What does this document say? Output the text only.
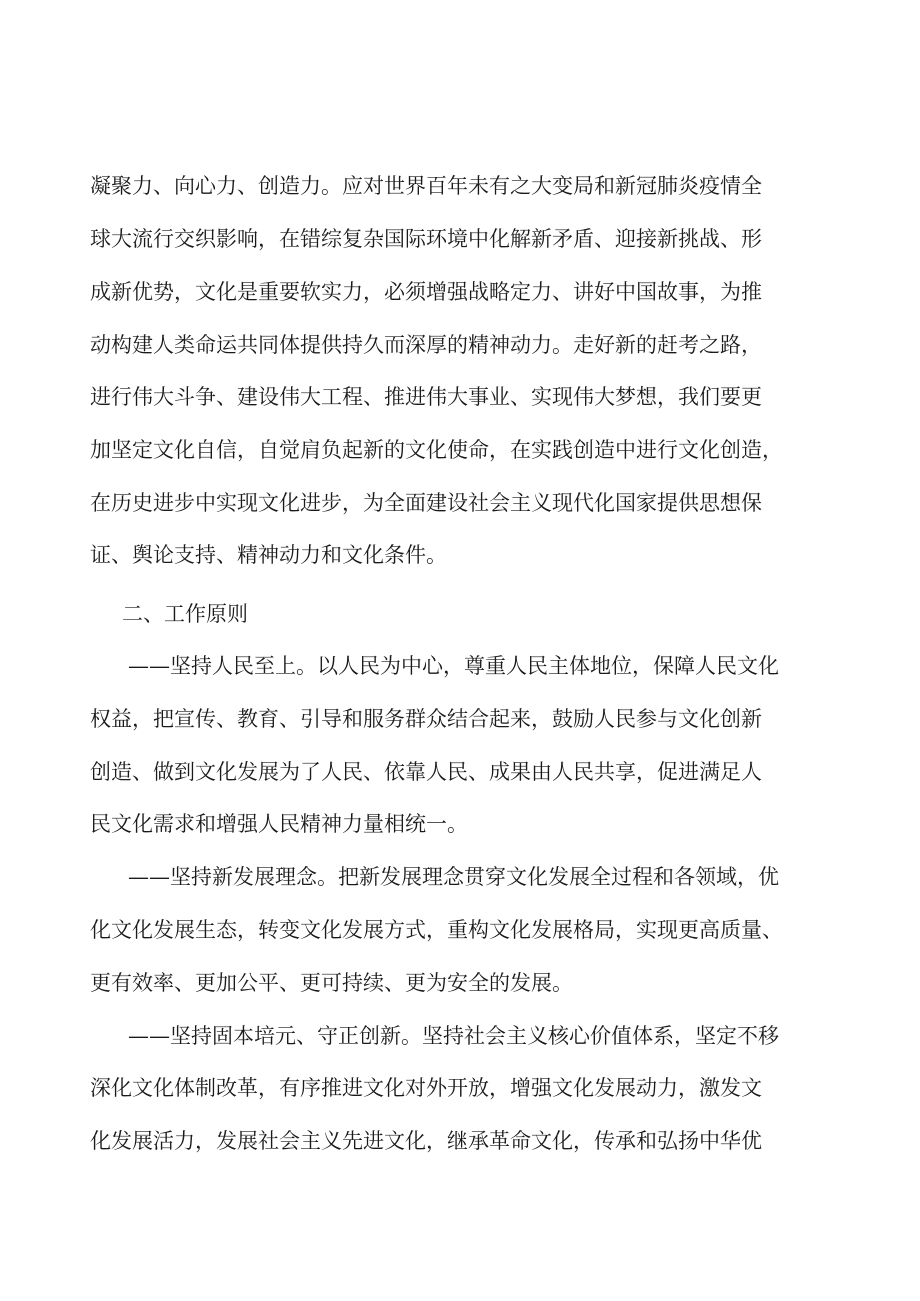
凝聚力、向心力、创造力。应对世界百年未有之大变局和新冠肺炎疫情全
球大流行交织影响，在错综复杂国际环境中化解新矛盾、迎接新挑战、形
成新优势，文化是重要软实力，必须增强战略定力、讲好中国故事，为推
动构建人类命运共同体提供持久而深厚的精神动力。走好新的赶考之路，
进行伟大斗争、建设伟大工程、推进伟大事业、实现伟大梦想，我们要更
加坚定文化自信，自觉肩负起新的文化使命，在实践创造中进行文化创造，
在历史进步中实现文化进步，为全面建设社会主义现代化国家提供思想保
证、舆论支持、精神动力和文化条件。
二、工作原则
——坚持人民至上。以人民为中心，尊重人民主体地位，保障人民文化
权益，把宣传、教育、引导和服务群众结合起来，鼓励人民参与文化创新
创造、做到文化发展为了人民、依靠人民、成果由人民共享，促进满足人
民文化需求和增强人民精神力量相统一。
——坚持新发展理念。把新发展理念贯穿文化发展全过程和各领域，优
化文化发展生态，转变文化发展方式，重构文化发展格局，实现更高质量、
更有效率、更加公平、更可持续、更为安全的发展。
——坚持固本培元、守正创新。坚持社会主义核心价值体系，坚定不移
深化文化体制改革，有序推进文化对外开放，增强文化发展动力，激发文
化发展活力，发展社会主义先进文化，继承革命文化，传承和弘扬中华优
